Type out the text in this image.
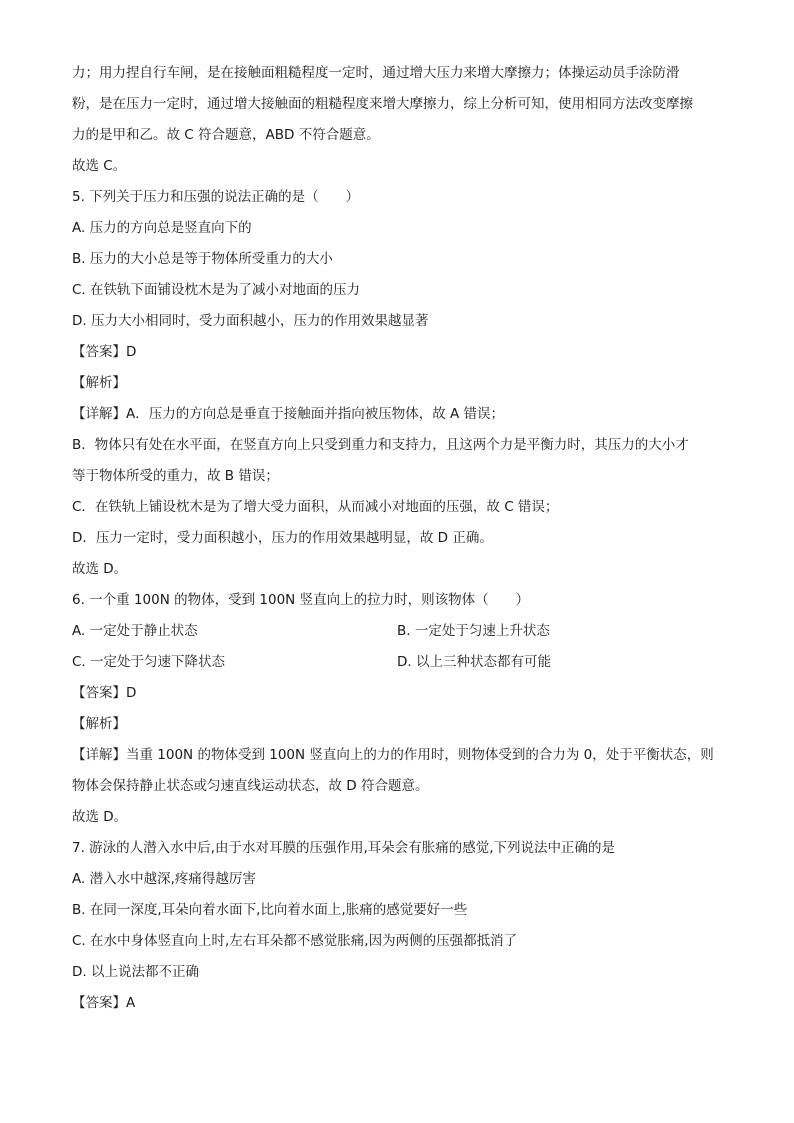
力；用力捏自行车闸，是在接触面粗糙程度一定时，通过增大压力来增大摩擦力；体操运动员手涂防滑
粉，是在压力一定时，通过增大接触面的粗糙程度来增大摩擦力，综上分析可知，使用相同方法改变摩擦
力的是甲和乙。故 C 符合题意，ABD 不符合题意。
故选 C。
5. 下列关于压力和压强的说法正确的是（　　）
A. 压力的方向总是竖直向下的
B. 压力的大小总是等于物体所受重力的大小
C. 在铁轨下面铺设枕木是为了减小对地面的压力
D. 压力大小相同时，受力面积越小，压力的作用效果越显著
【答案】D
【解析】
【详解】A．压力的方向总是垂直于接触面并指向被压物体，故 A 错误；
B．物体只有处在水平面，在竖直方向上只受到重力和支持力，且这两个力是平衡力时，其压力的大小才
等于物体所受的重力，故 B 错误；
C．在铁轨上铺设枕木是为了增大受力面积，从而减小对地面的压强，故 C 错误；
D．压力一定时，受力面积越小，压力的作用效果越明显，故 D 正确。
故选 D。
6. 一个重 100N 的物体，受到 100N 竖直向上的拉力时，则该物体（　　）
A. 一定处于静止状态	B. 一定处于匀速上升状态
C. 一定处于匀速下降状态	D. 以上三种状态都有可能
【答案】D
【解析】
【详解】当重 100N 的物体受到 100N 竖直向上的力的作用时，则物体受到的合力为 0，处于平衡状态，则
物体会保持静止状态或匀速直线运动状态，故 D 符合题意。
故选 D。
7. 游泳的人潜入水中后,由于水对耳膜的压强作用,耳朵会有胀痛的感觉,下列说法中正确的是
A. 潜入水中越深,疼痛得越厉害
B. 在同一深度,耳朵向着水面下,比向着水面上,胀痛的感觉要好一些
C. 在水中身体竖直向上时,左右耳朵都不感觉胀痛,因为两侧的压强都抵消了
D. 以上说法都不正确
【答案】A
